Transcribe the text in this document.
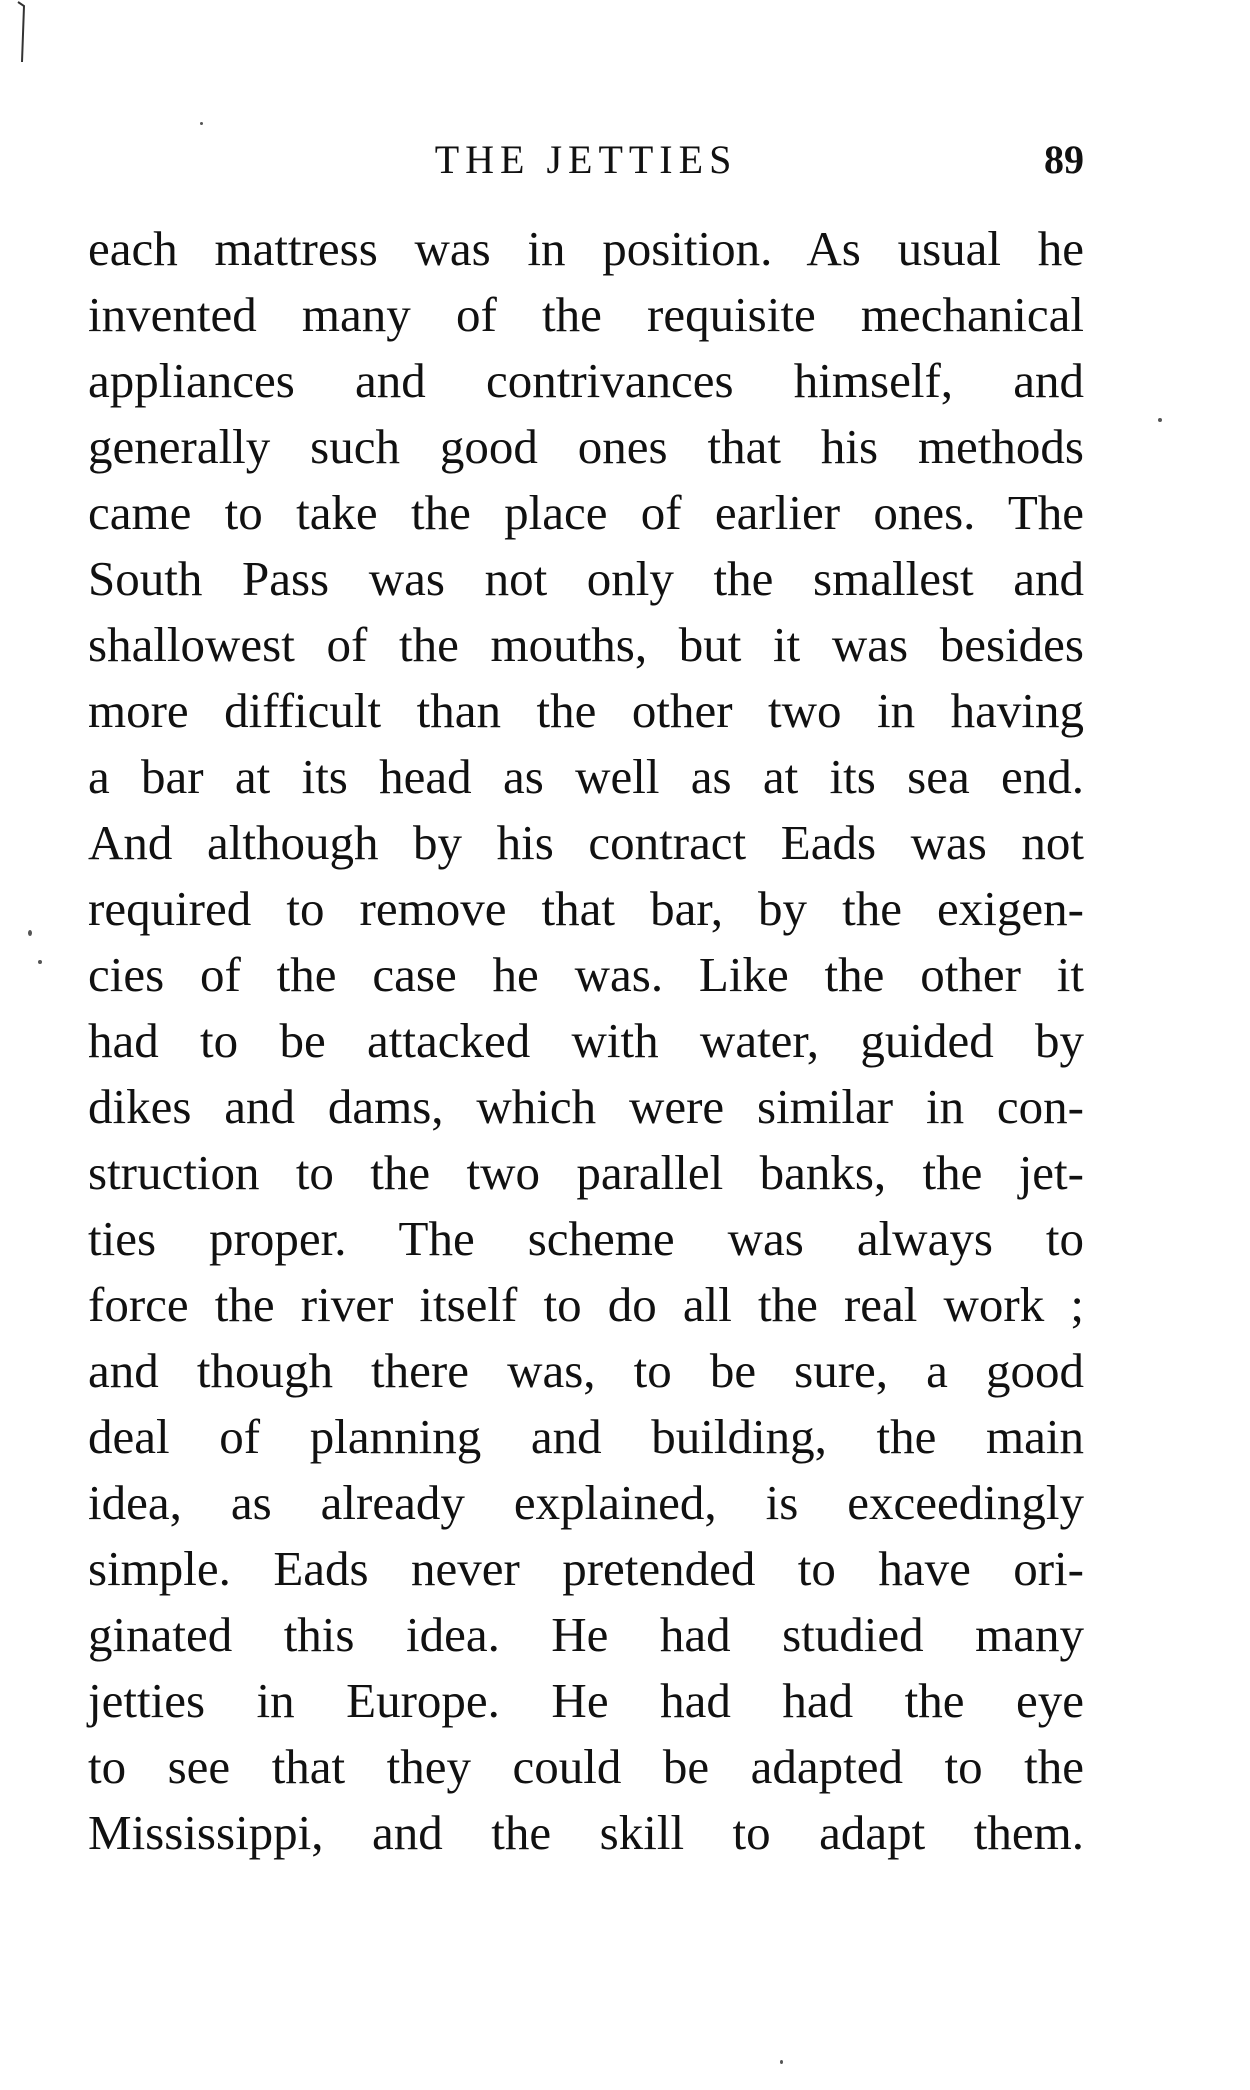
THE JETTIES	89
each mattress was in position. As usual he
invented many of the requisite mechanical
appliances and contrivances himself, and
generally such good ones that his methods
came to take the place of earlier ones. The
South Pass was not only the smallest and
shallowest of the mouths, but it was besides
more difficult than the other two in having
a bar at its head as well as at its sea end.
And although by his contract Eads was not
required to remove that bar, by the exigen-
cies of the case he was. Like the other it
had to be attacked with water, guided by
dikes and dams, which were similar in con-
struction to the two parallel banks, the jet-
ties proper. The scheme was always to
force the river itself to do all the real work ;
and though there was, to be sure, a good
deal of planning and building, the main
idea, as already explained, is exceedingly
simple. Eads never pretended to have ori-
ginated this idea. He had studied many
jetties in Europe. He had had the eye
to see that they could be adapted to the
Mississippi, and the skill to adapt them.
